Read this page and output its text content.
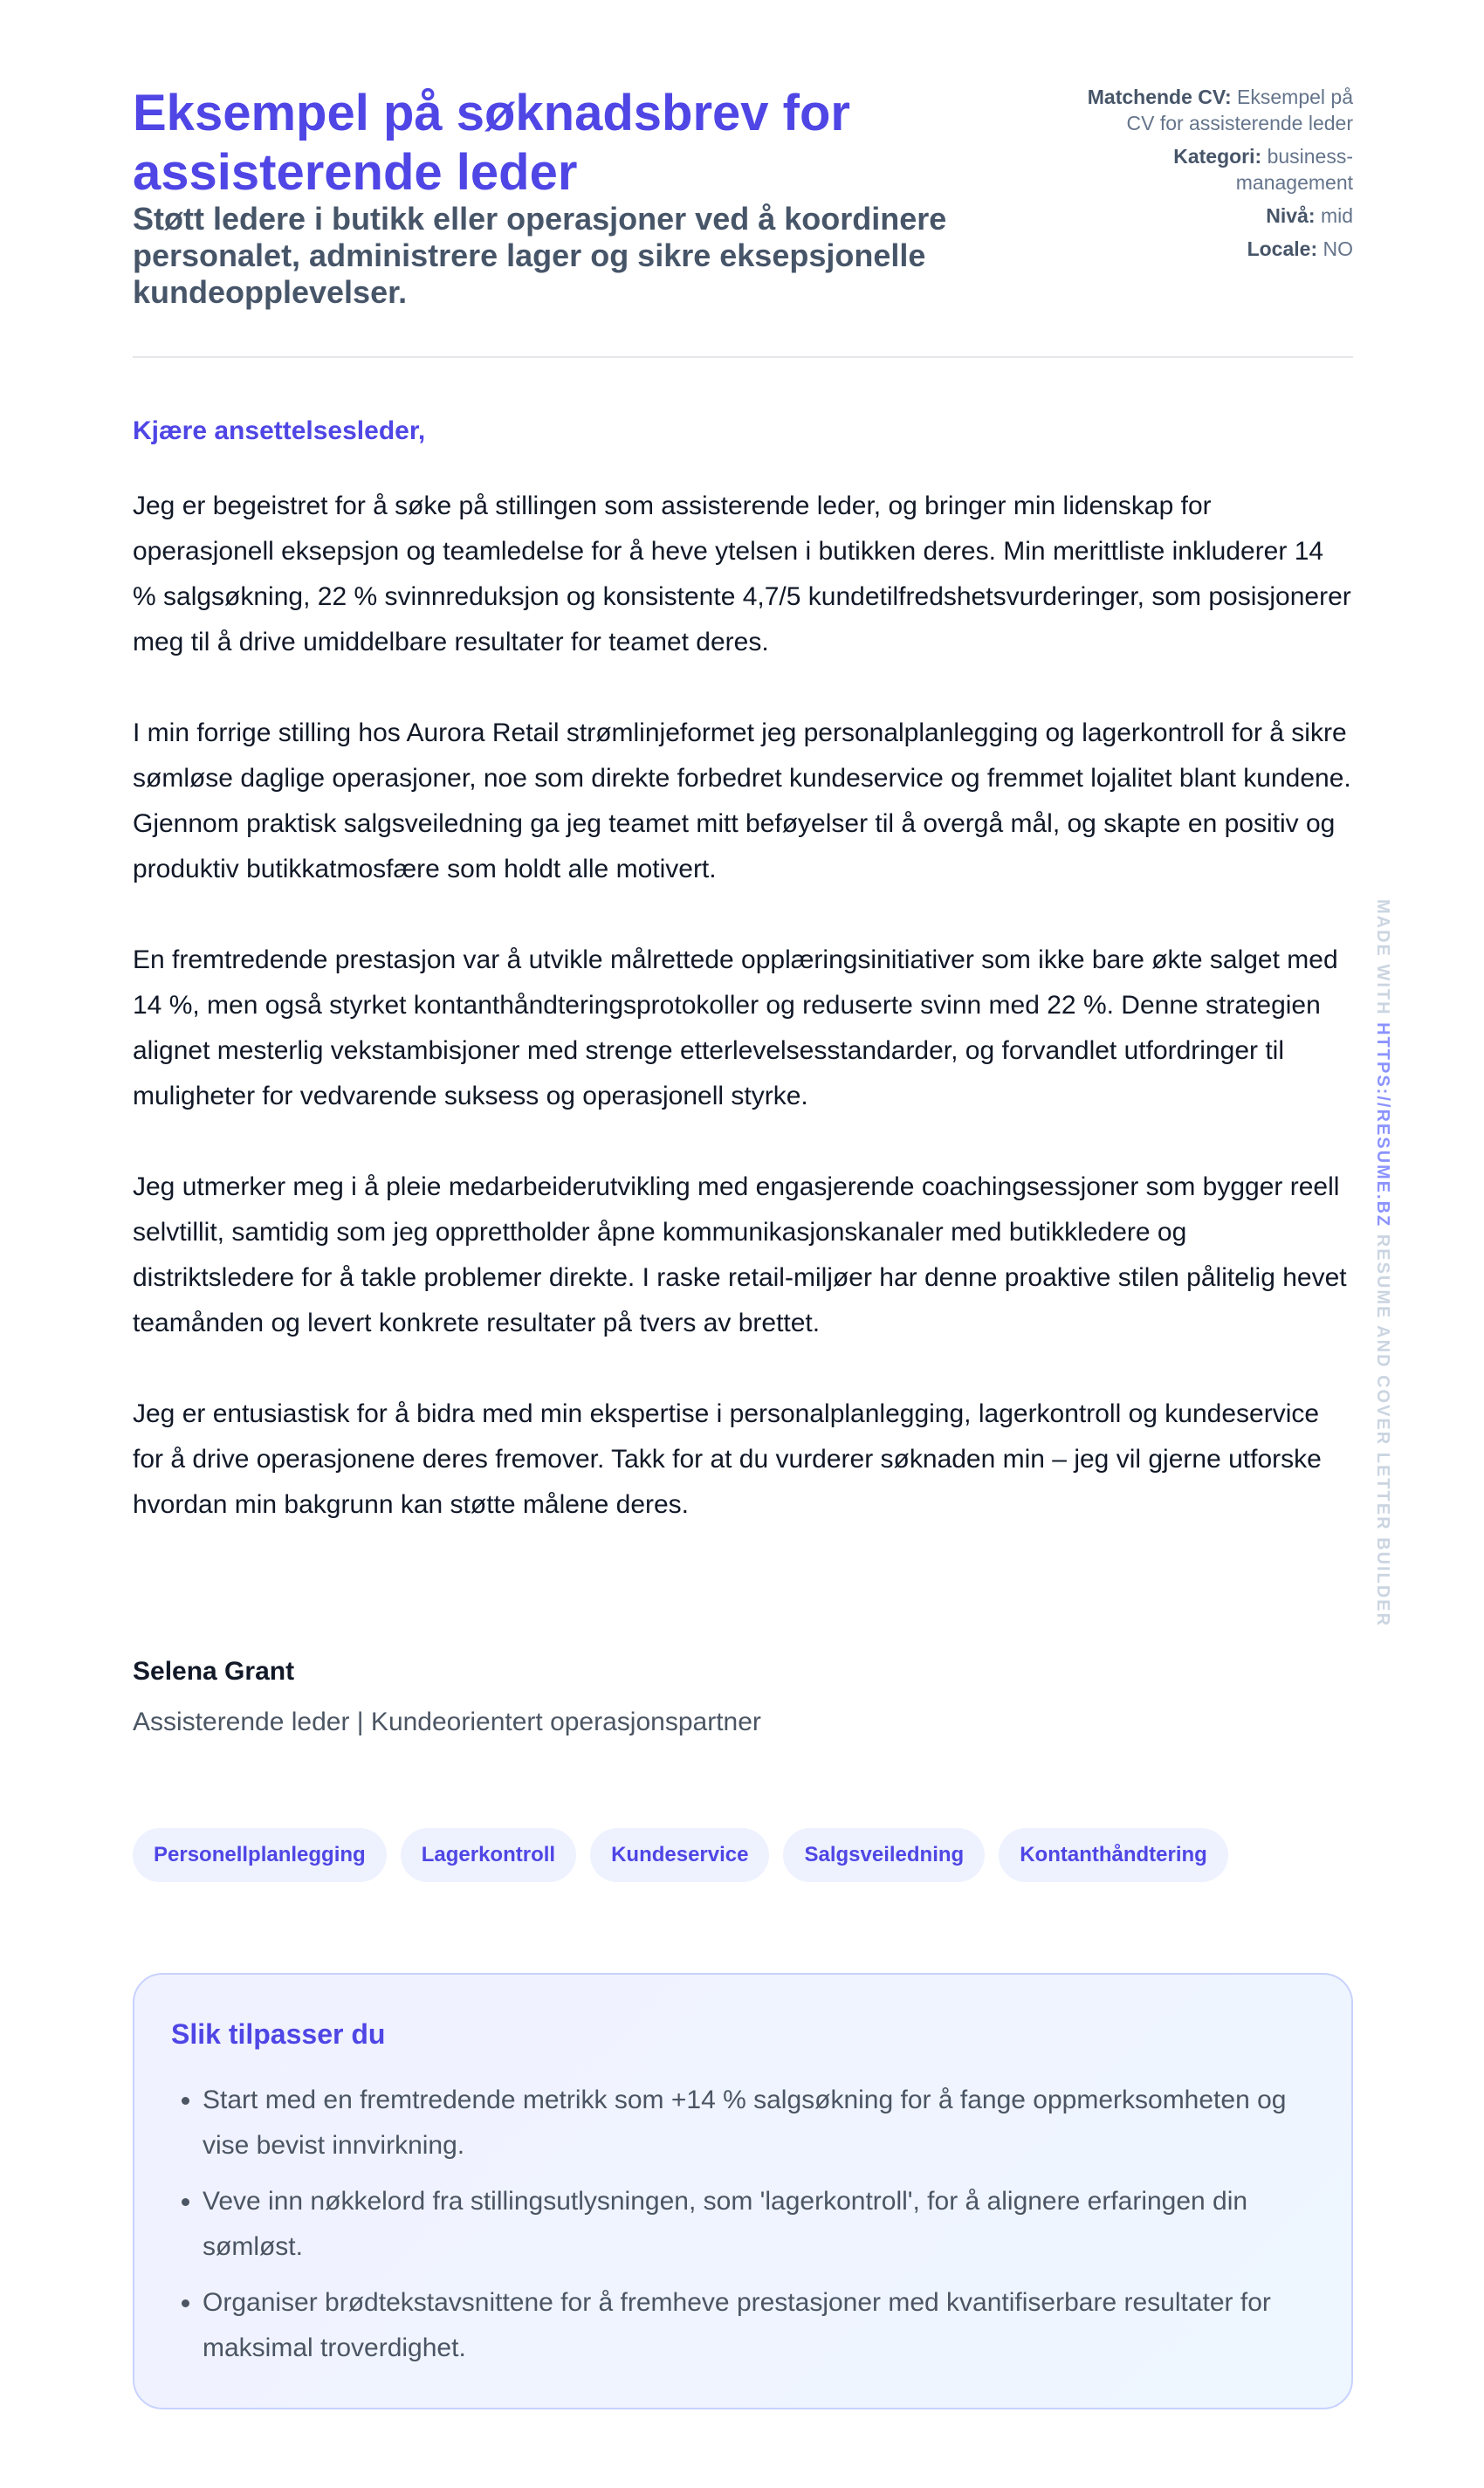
Eksempel på søknadsbrev for assisterende leder
Støtt ledere i butikk eller operasjoner ved å koordinere personalet, administrere lager og sikre eksepsjonelle kundeopplevelser.
Matchende CV: Eksempel på CV for assisterende leder
Kategori: business-management
Nivå: mid
Locale: NO

Kjære ansettelsesleder,

Jeg er begeistret for å søke på stillingen som assisterende leder, og bringer min lidenskap for operasjonell eksepsjon og teamledelse for å heve ytelsen i butikken deres. Min merittliste inkluderer 14 % salgsøkning, 22 % svinnreduksjon og konsistente 4,7/5 kundetilfredshetsvurderinger, som posisjonerer meg til å drive umiddelbare resultater for teamet deres.

I min forrige stilling hos Aurora Retail strømlinjeformet jeg personalplanlegging og lagerkontroll for å sikre sømløse daglige operasjoner, noe som direkte forbedret kundeservice og fremmet lojalitet blant kundene. Gjennom praktisk salgsveiledning ga jeg teamet mitt beføyelser til å overgå mål, og skapte en positiv og produktiv butikkatmosfære som holdt alle motivert.

En fremtredende prestasjon var å utvikle målrettede opplæringsinitiativer som ikke bare økte salget med 14 %, men også styrket kontanthåndteringsprotokoller og reduserte svinn med 22 %. Denne strategien alignet mesterlig vekstambisjoner med strenge etterlevelsesstandarder, og forvandlet utfordringer til muligheter for vedvarende suksess og operasjonell styrke.

Jeg utmerker meg i å pleie medarbeiderutvikling med engasjerende coachingsessjoner som bygger reell selvtillit, samtidig som jeg opprettholder åpne kommunikasjonskanaler med butikkledere og distriktsledere for å takle problemer direkte. I raske retail-miljøer har denne proaktive stilen pålitelig hevet teamånden og levert konkrete resultater på tvers av brettet.

Jeg er entusiastisk for å bidra med min ekspertise i personalplanlegging, lagerkontroll og kundeservice for å drive operasjonene deres fremover. Takk for at du vurderer søknaden min – jeg vil gjerne utforske hvordan min bakgrunn kan støtte målene deres.

Selena Grant
Assisterende leder | Kundeorientert operasjonspartner
Personellplanlegging	Lagerkontroll	Kundeservice	Salgsveiledning	Kontanthåndtering
Slik tilpasser du
• Start med en fremtredende metrikk som +14 % salgsøkning for å fange oppmerksomheten og vise bevist innvirkning.
• Veve inn nøkkelord fra stillingsutlysningen, som 'lagerkontroll', for å alignere erfaringen din sømløst.
• Organiser brødtekstavsnittene for å fremheve prestasjoner med kvantifiserbare resultater for maksimal troverdighet.
MADE WITH HTTPS://RESUME.BZ RESUME AND COVER LETTER BUILDER
